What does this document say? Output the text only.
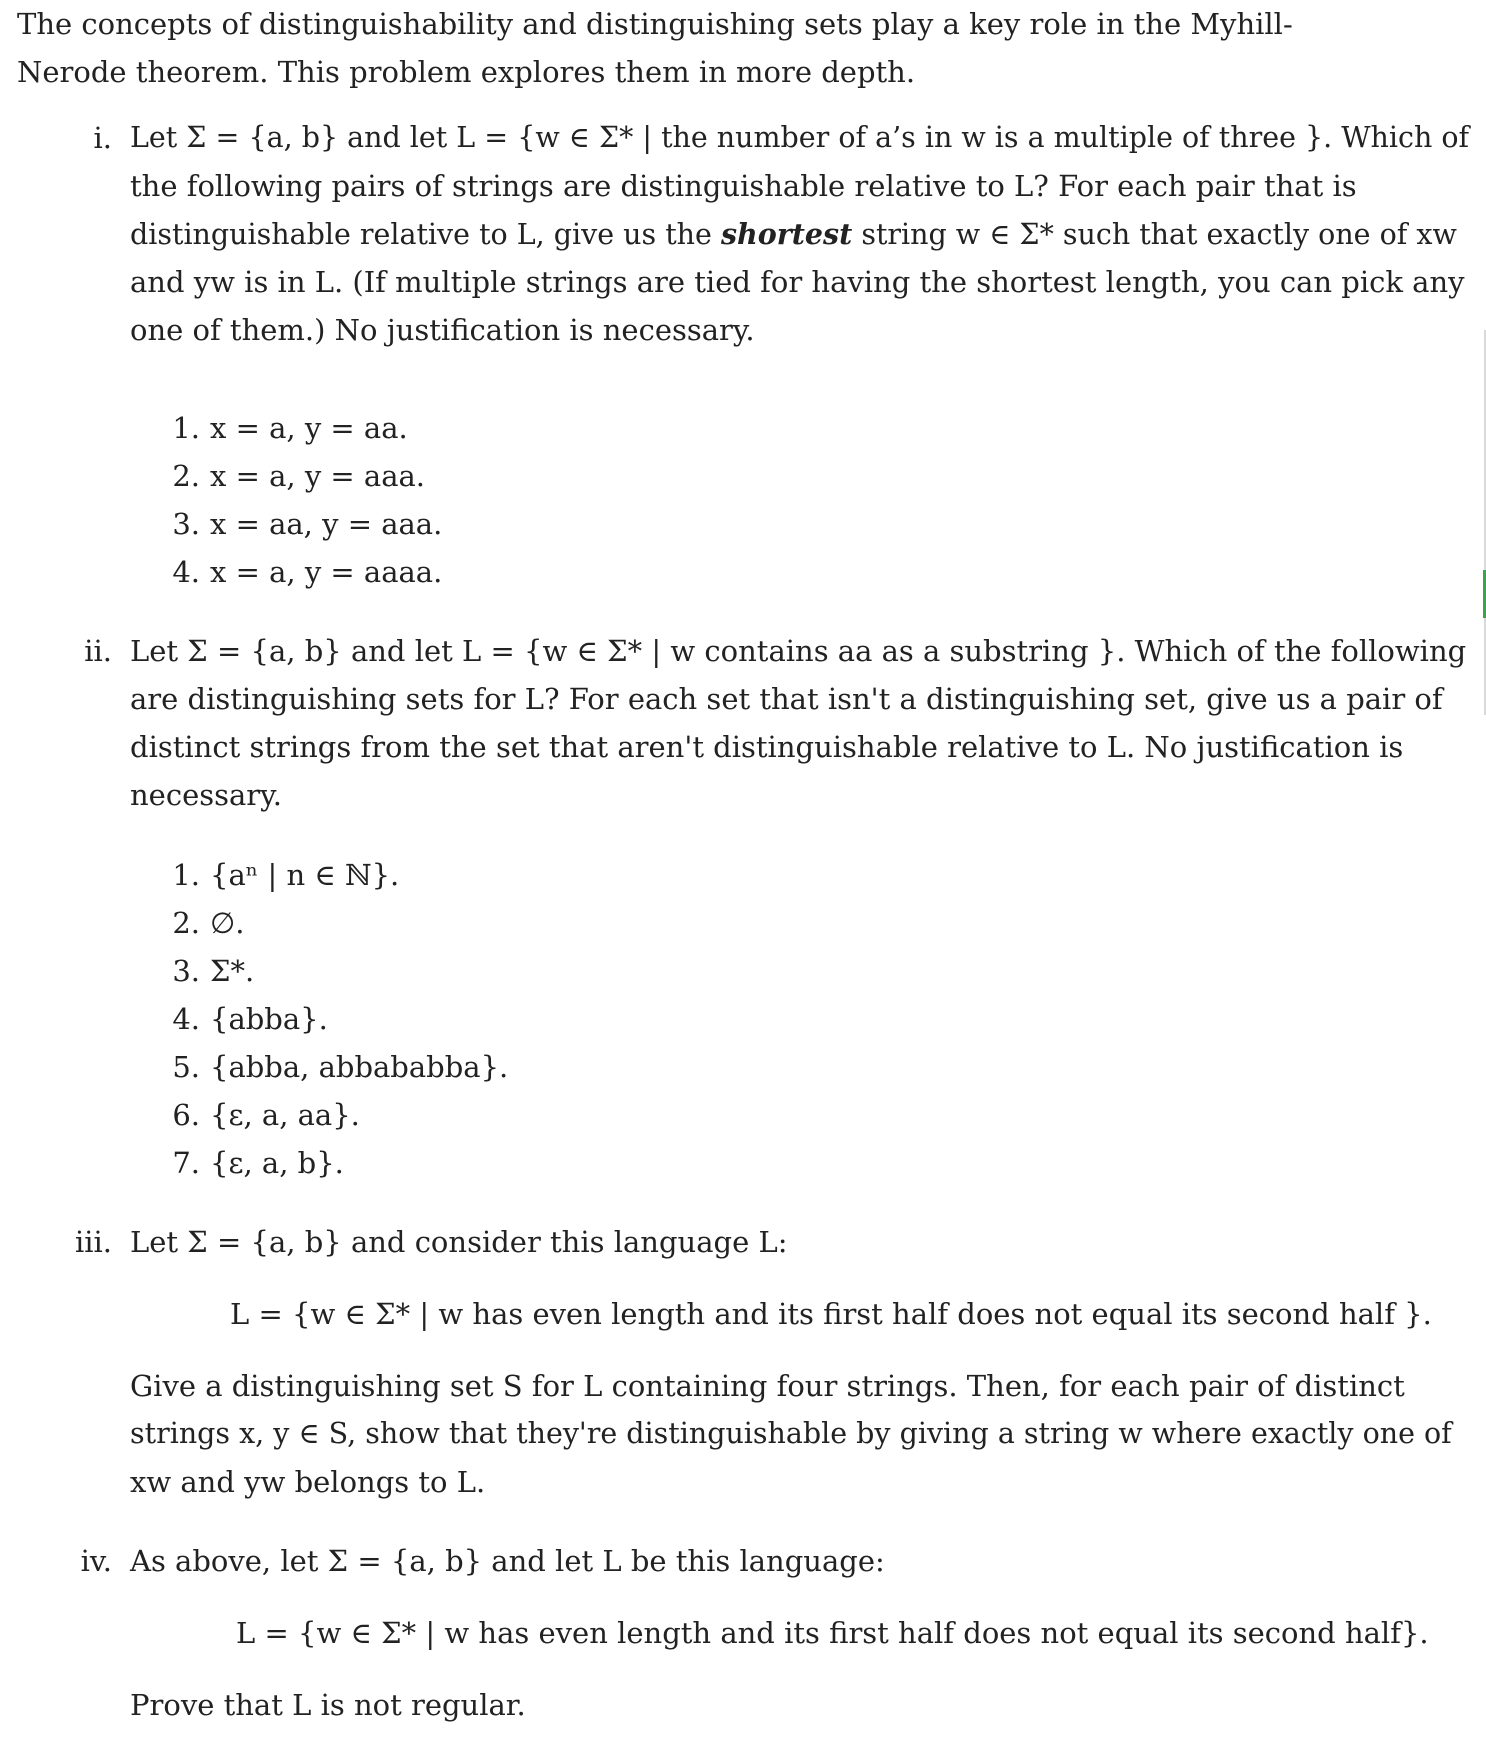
The concepts of distinguishability and distinguishing sets play a key role in the Myhill-Nerode theorem. This problem explores them in more depth.
i. Let Σ = {a, b} and let L = {w ∈ Σ* | the number of a’s in w is a multiple of three }. Which of
the following pairs of strings are distinguishable relative to L? For each pair that is
distinguishable relative to L, give us the shortest string w ∈ Σ* such that exactly one of xw
and yw is in L. (If multiple strings are tied for having the shortest length, you can pick any
one of them.) No justification is necessary.
1. x = a, y = aa.
2. x = a, y = aaa.
3. x = aa, y = aaa.
4. x = a, y = aaaa.
ii. Let Σ = {a, b} and let L = {w ∈ Σ* | w contains aa as a substring }. Which of the following
are distinguishing sets for L? For each set that isn't a distinguishing set, give us a pair of
distinct strings from the set that aren't distinguishable relative to L. No justification is
necessary.
1. {aⁿ | n ∈ ℕ}.
2. ∅.
3. Σ*.
4. {abba}.
5. {abba, abbababba}.
6. {ε, a, aa}.
7. {ε, a, b}.
iii. Let Σ = {a, b} and consider this language L:
L = {w ∈ Σ* | w has even length and its first half does not equal its second half }.
Give a distinguishing set S for L containing four strings. Then, for each pair of distinct
strings x, y ∈ S, show that they're distinguishable by giving a string w where exactly one of
xw and yw belongs to L.
iv. As above, let Σ = {a, b} and let L be this language:
L = {w ∈ Σ* | w has even length and its first half does not equal its second half}.
Prove that L is not regular.
